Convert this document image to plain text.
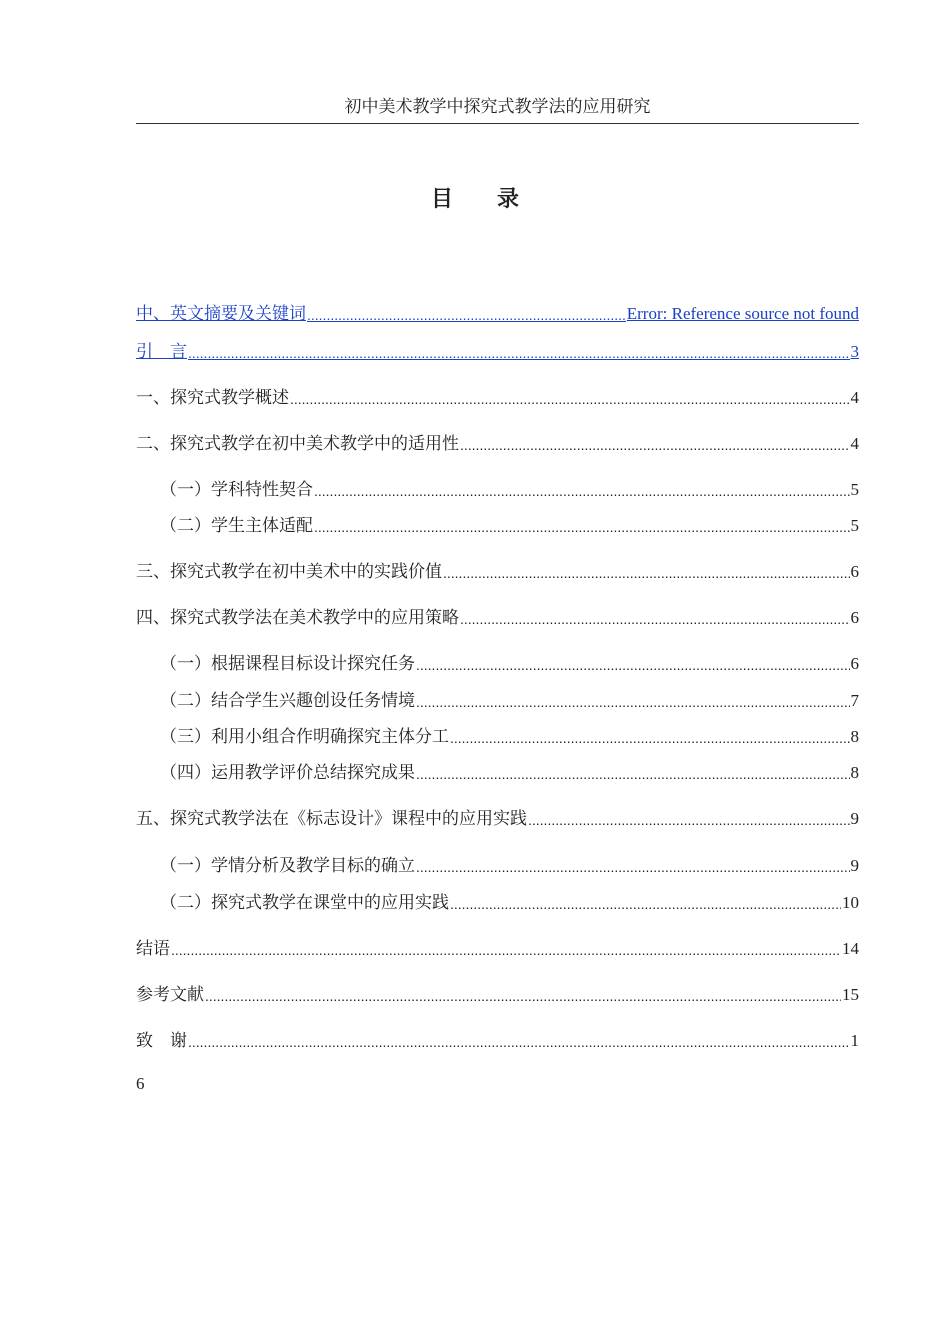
初中美术教学中探究式教学法的应用研究
目录
中、英文摘要及关键词 .....	Error: Reference source not found
引　言 .....	3
一、探究式教学概述 .....	4
二、探究式教学在初中美术教学中的适用性 .....	4
（一）学科特性契合 .....	5
（二）学生主体适配 .....	5
三、探究式教学在初中美术中的实践价值 .....	6
四、探究式教学法在美术教学中的应用策略 .....	6
（一）根据课程目标设计探究任务 .....	6
（二）结合学生兴趣创设任务情境 .....	7
（三）利用小组合作明确探究主体分工 .....	8
（四）运用教学评价总结探究成果 .....	8
五、探究式教学法在《标志设计》课程中的应用实践 .....	9
（一）学情分析及教学目标的确立 .....	9
（二）探究式教学在课堂中的应用实践 .....	10
结语 .....	14
参考文献 .....	15
致　谢 .....	1
6
